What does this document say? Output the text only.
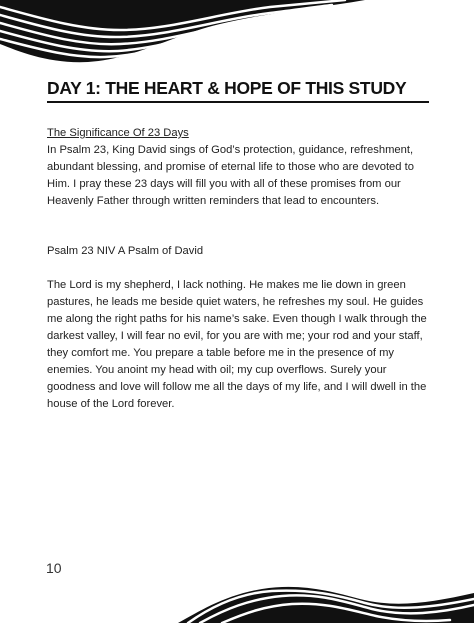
DAY 1: THE HEART & HOPE OF THIS STUDY
The Significance Of 23 Days

In Psalm 23, King David sings of God’s protection, guidance, refreshment, abundant blessing, and promise of eternal life to those who are devoted to Him. I pray these 23 days will fill you with all of these promises from our Heavenly Father through written reminders that lead to encounters.

Psalm 23 NIV A Psalm of David

The Lord is my shepherd, I lack nothing. He makes me lie down in green pastures, he leads me beside quiet waters, he refreshes my soul. He guides me along the right paths for his name’s sake. Even though I walk through the darkest valley, I will fear no evil, for you are with me; your rod and your staff, they comfort me. You prepare a table before me in the presence of my enemies. You anoint my head with oil; my cup overflows. Surely your goodness and love will follow me all the days of my life, and I will dwell in the house of the Lord forever.

10
